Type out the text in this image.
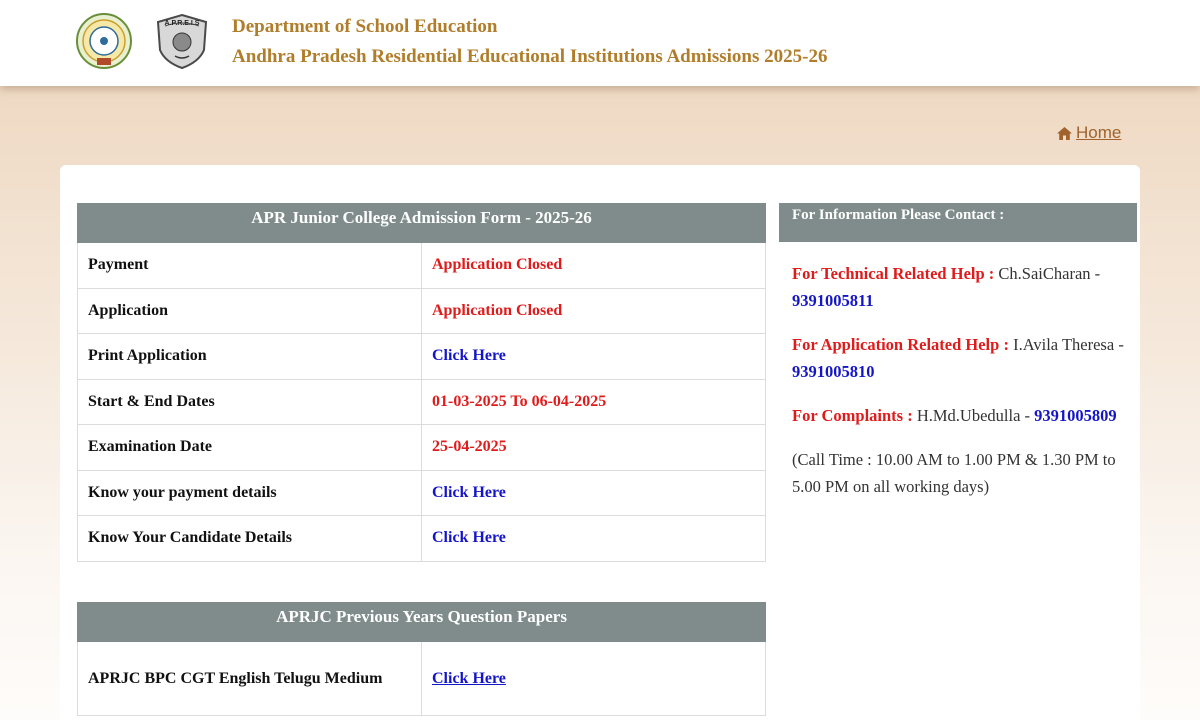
A.P.R.E.I.S Department of School Education
Andhra Pradesh Residential Educational Institutions Admissions 2025-26
Home
APR Junior College Admission Form - 2025-26	
Payment	Application Closed
Application	Application Closed
Print Application	Click Here
Start & End Dates	01-03-2025 To 06-04-2025
Examination Date	25-04-2025
Know your payment details	Click Here
Know Your Candidate Details	Click Here
APRJC Previous Years Question Papers
APRJC BPC CGT English Telugu Medium	Click Here
For Information Please Contact :

For Technical Related Help : Ch.SaiCharan - 9391005811

For Application Related Help : I.Avila Theresa - 9391005810

For Complaints : H.Md.Ubedulla - 9391005809

(Call Time : 10.00 AM to 1.00 PM & 1.30 PM to 5.00 PM on all working days)
